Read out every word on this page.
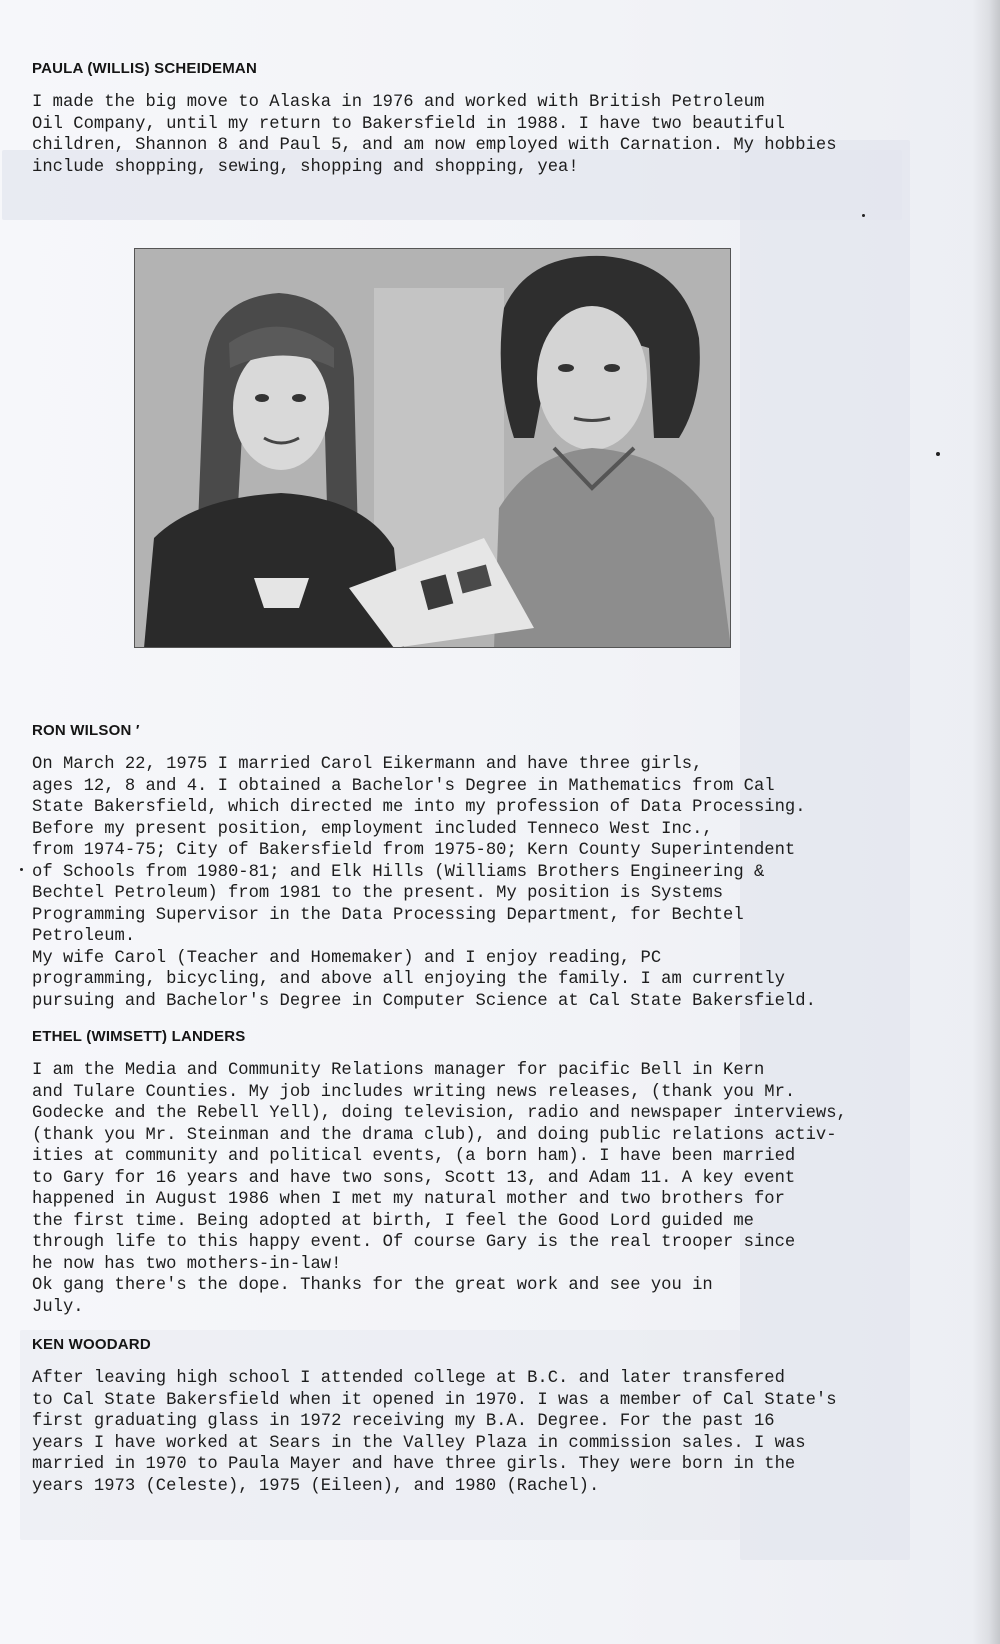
PAULA (WILLIS) SCHEIDEMAN

I made the big move to Alaska in 1976 and worked with British Petroleum
Oil Company, until my return to Bakersfield in 1988. I have two beautiful
children, Shannon 8 and Paul 5, and am now employed with Carnation. My hobbies
include shopping, sewing, shopping and shopping, yea!

RON WILSON ′

On March 22, 1975 I married Carol Eikermann and have three girls,
ages 12, 8 and 4. I obtained a Bachelor's Degree in Mathematics from Cal
State Bakersfield, which directed me into my profession of Data Processing.
Before my present position, employment included Tenneco West Inc.,
from 1974-75; City of Bakersfield from 1975-80; Kern County Superintendent
of Schools from 1980-81; and Elk Hills (Williams Brothers Engineering &
Bechtel Petroleum) from 1981 to the present. My position is Systems
Programming Supervisor in the Data Processing Department, for Bechtel
Petroleum.
My wife Carol (Teacher and Homemaker) and I enjoy reading, PC
programming, bicycling, and above all enjoying the family. I am currently
pursuing and Bachelor's Degree in Computer Science at Cal State Bakersfield.

ETHEL (WIMSETT) LANDERS

I am the Media and Community Relations manager for pacific Bell in Kern
and Tulare Counties. My job includes writing news releases, (thank you Mr.
Godecke and the Rebell Yell), doing television, radio and newspaper interviews,
(thank you Mr. Steinman and the drama club), and doing public relations activ-
ities at community and political events, (a born ham). I have been married
to Gary for 16 years and have two sons, Scott 13, and Adam 11. A key event
happened in August 1986 when I met my natural mother and two brothers for
the first time. Being adopted at birth, I feel the Good Lord guided me
through life to this happy event. Of course Gary is the real trooper since
he now has two mothers-in-law!
Ok gang there's the dope. Thanks for the great work and see you in
July.

KEN WOODARD

After leaving high school I attended college at B.C. and later transfered
to Cal State Bakersfield when it opened in 1970. I was a member of Cal State's
first graduating glass in 1972 receiving my B.A. Degree. For the past 16
years I have worked at Sears in the Valley Plaza in commission sales. I was
married in 1970 to Paula Mayer and have three girls. They were born in the
years 1973 (Celeste), 1975 (Eileen), and 1980 (Rachel).
